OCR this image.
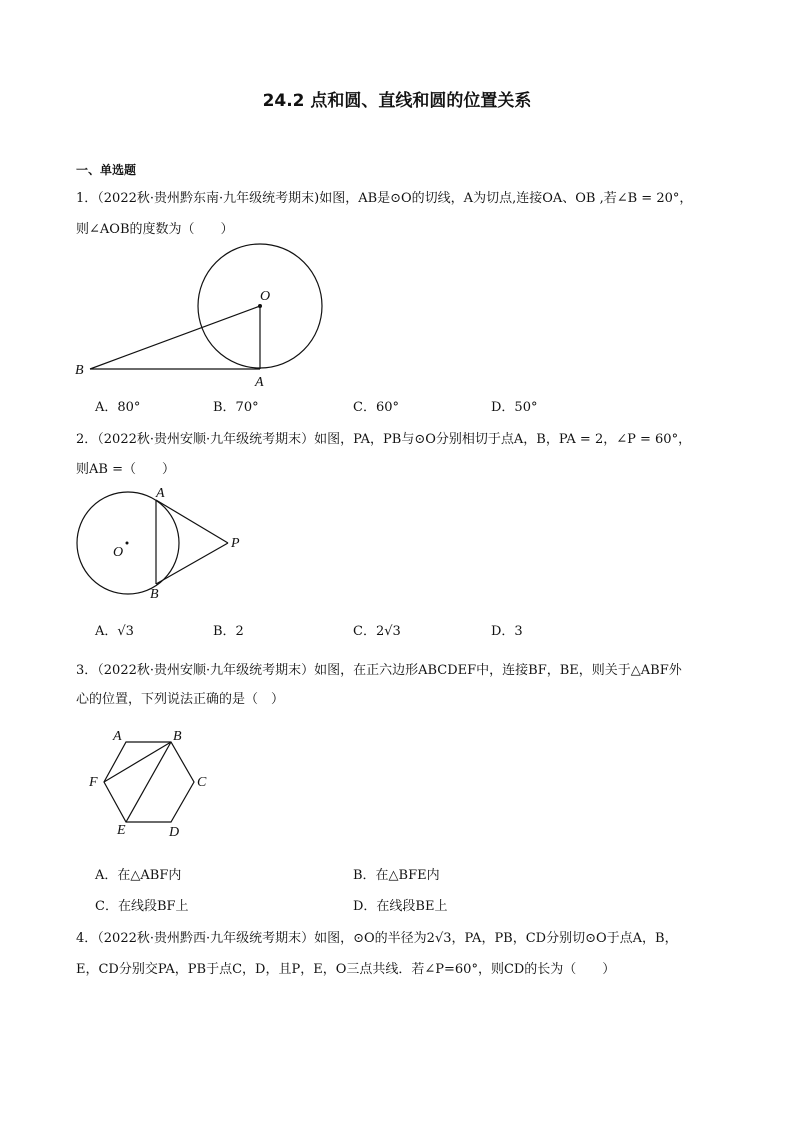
24.2 点和圆、直线和圆的位置关系
一、单选题
1．（2022秋·贵州黔东南·九年级统考期末)如图，AB是⊙O的切线，A为切点,连接OA、OB ,若∠B = 20°，
则∠AOB的度数为（　　）
O
A
B
A．80°	B．70°	C．60°	D．50°
2．（2022秋·贵州安顺·九年级统考期末）如图，PA，PB与⊙O分别相切于点A，B，PA = 2，∠P = 60°，
则AB =（　　）
A
B
O
P
A．√3	B．2	C．2√3	D．3
3．（2022秋·贵州安顺·九年级统考期末）如图，在正六边形ABCDEF中，连接BF，BE，则关于△ABF外
心的位置，下列说法正确的是（　）
A	B
C
D
E
F
A．在△ABF内	B．在△BFE内
C．在线段BF上	D．在线段BE上
4．（2022秋·贵州黔西·九年级统考期末）如图，⊙O的半径为2√3，PA，PB，CD分别切⊙O于点A，B，
E，CD分别交PA，PB于点C，D，且P，E，O三点共线．若∠P=60°，则CD的长为（　　）
